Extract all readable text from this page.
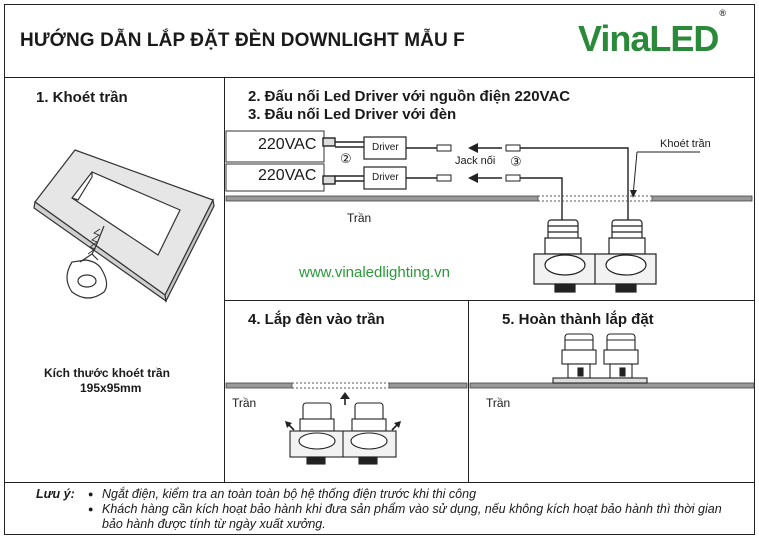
HƯỚNG DẪN LẮP ĐẶT ĐÈN DOWNLIGHT MẪU F	VinaLED®
1. Khoét trần
Kích thước khoét trần
195x95mm
2. Đấu nối Led Driver với nguồn điện 220VAC
3. Đấu nối Led Driver với đèn
220VAC
220VAC
Driver
Driver
②	③
Jack nối
Khoét trần
Trần
www.vinaledlighting.vn
4. Lắp đèn vào trần
Trần
5. Hoàn thành lắp đặt
Trần
Lưu ý:
●	Ngắt điện, kiểm tra an toàn toàn bộ hệ thống điện trước khi thi công
● Khách hàng cần kích hoạt bảo hành khi đưa sản phẩm vào sử dụng, nếu không kích hoạt bảo hành thì thời gian bảo hành được tính từ ngày xuất xưởng.
